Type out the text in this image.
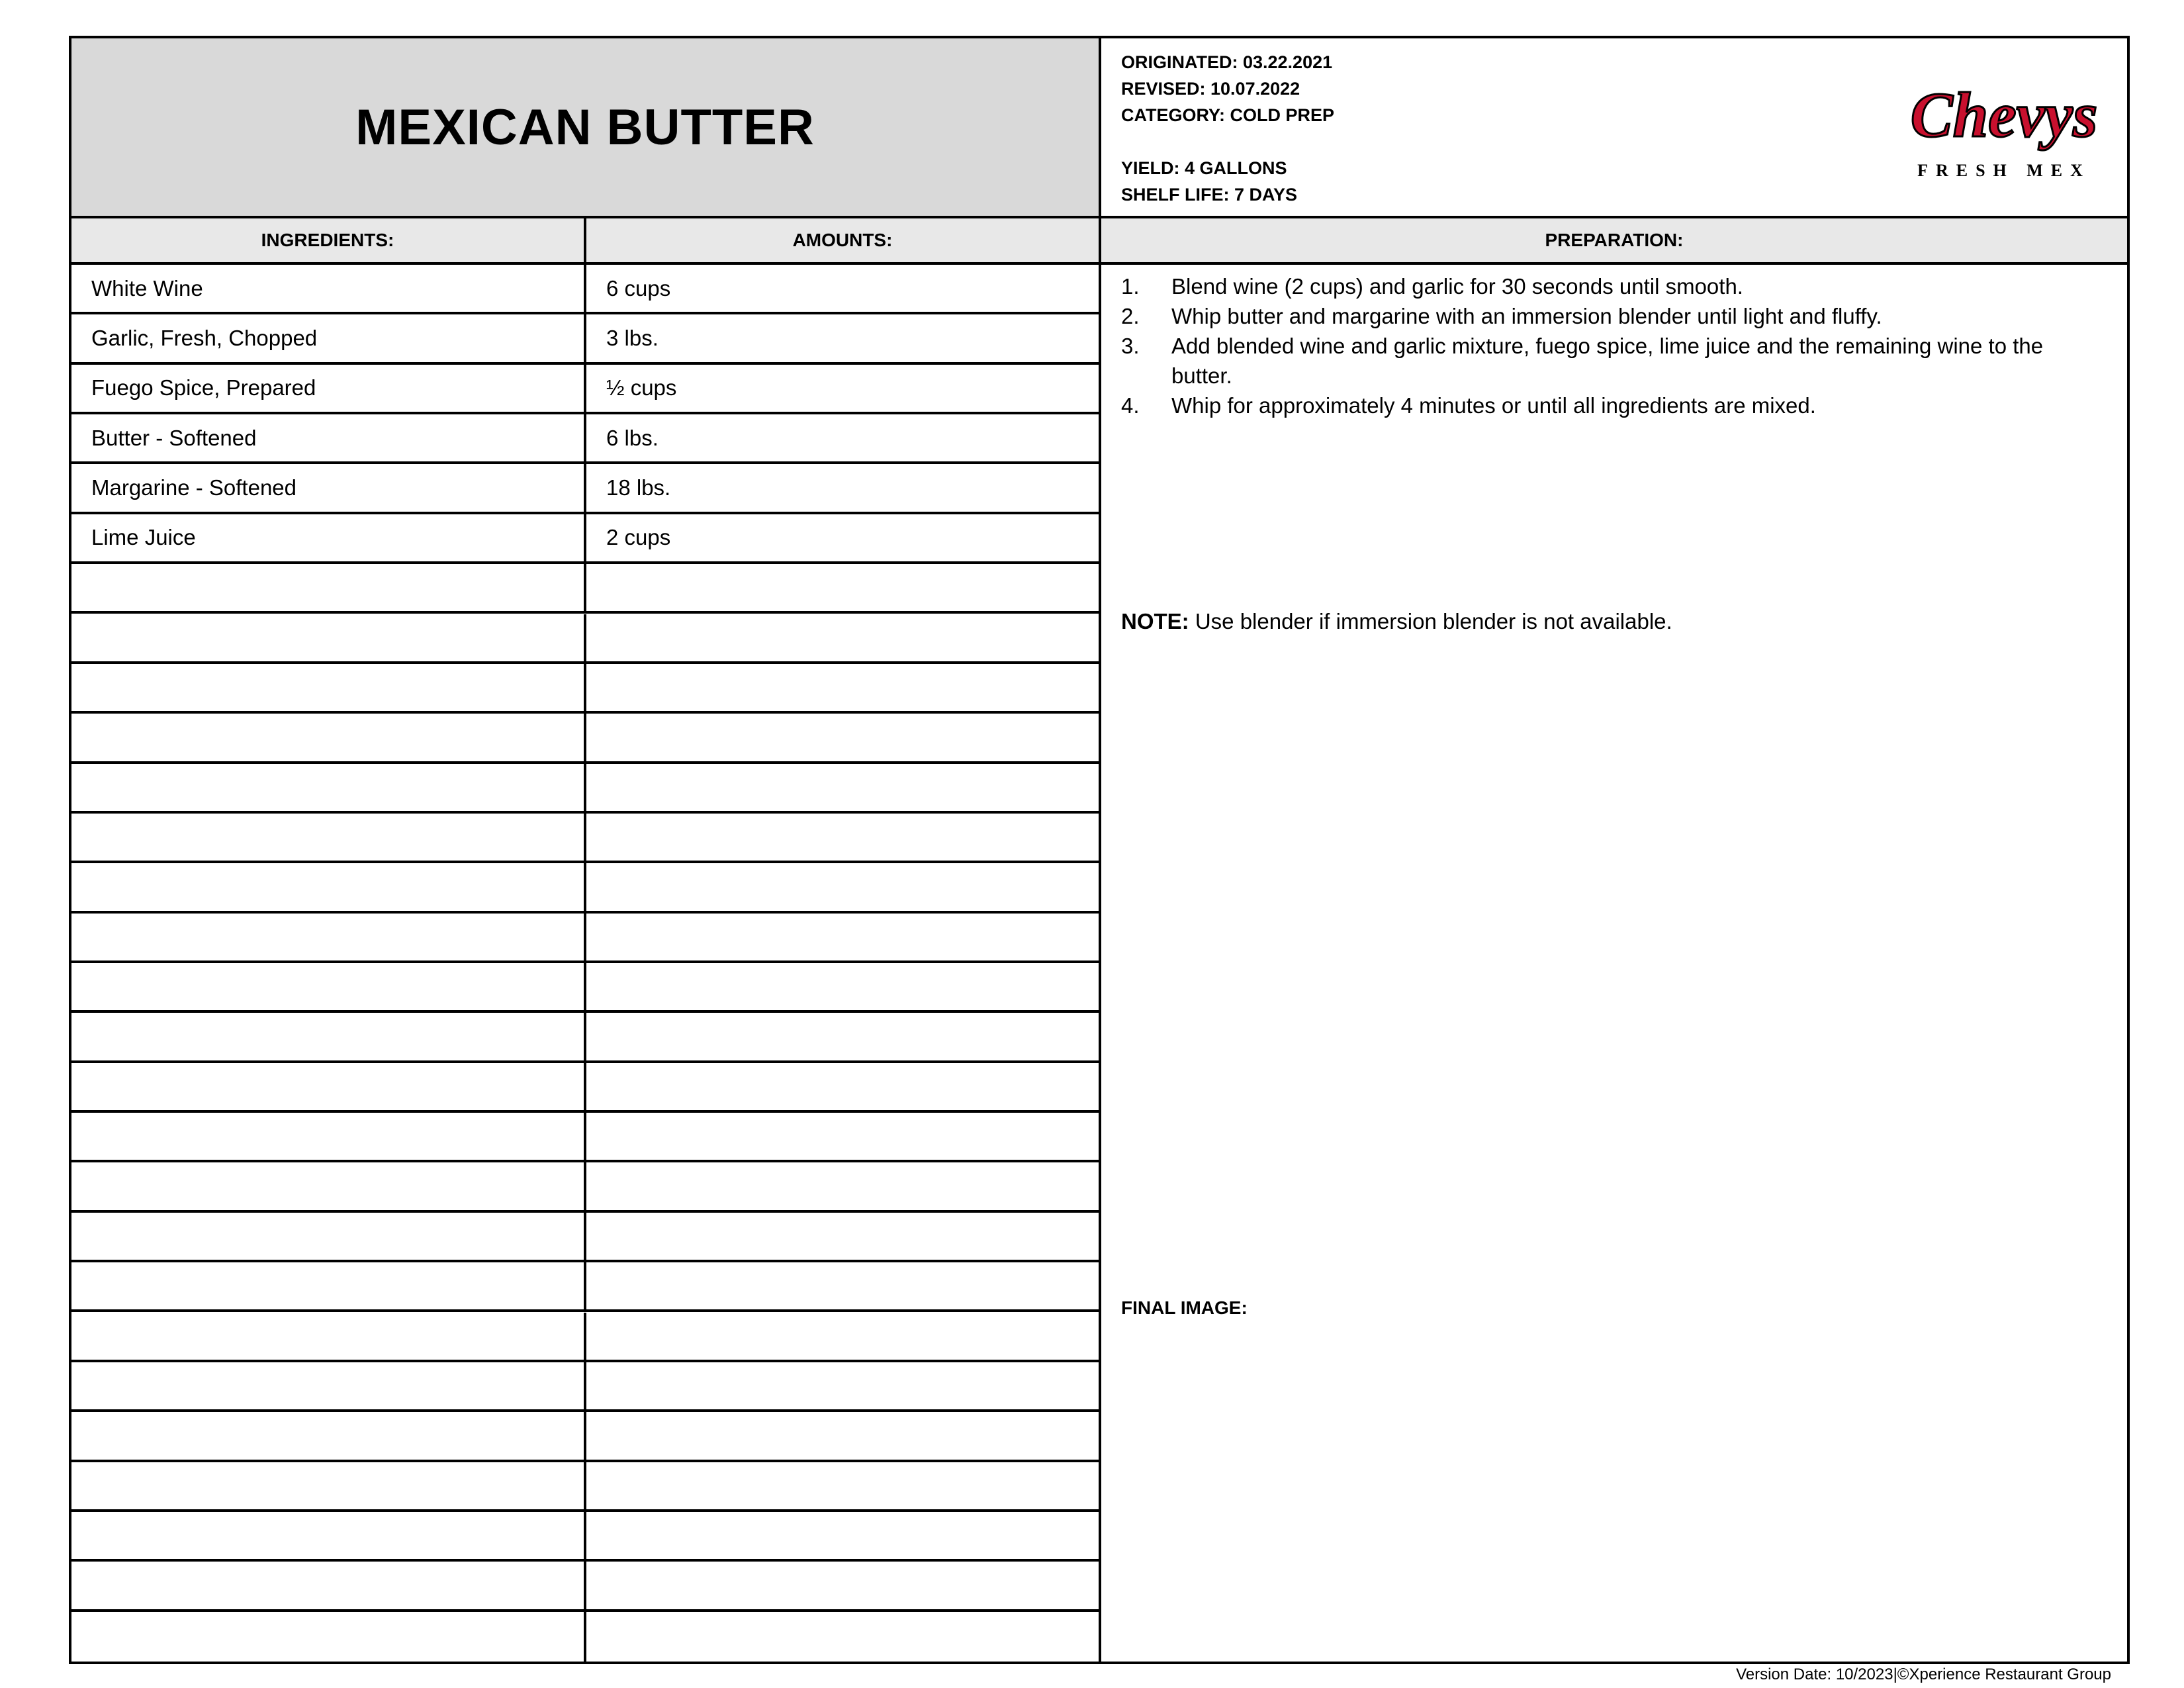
MEXICAN BUTTER
ORIGINATED: 03.22.2021
REVISED: 10.07.2022
CATEGORY: COLD PREP
YIELD: 4 GALLONS
SHELF LIFE: 7 DAYS
Chevys
FRESH MEX
INGREDIENTS:	AMOUNTS:	PREPARATION:
White Wine	6 cups
Garlic, Fresh, Chopped	3 lbs.
Fuego Spice, Prepared	½ cups
Butter - Softened	6 lbs.
Margarine - Softened	18 lbs.
Lime Juice	2 cups
1. Blend wine (2 cups) and garlic for 30 seconds until smooth.
2. Whip butter and margarine with an immersion blender until light and fluffy.
3. Add blended wine and garlic mixture, fuego spice, lime juice and the remaining wine to the butter.
4. Whip for approximately 4 minutes or until all ingredients are mixed.
NOTE: Use blender if immersion blender is not available.
FINAL IMAGE:
Version Date: 10/2023|©Xperience Restaurant Group
